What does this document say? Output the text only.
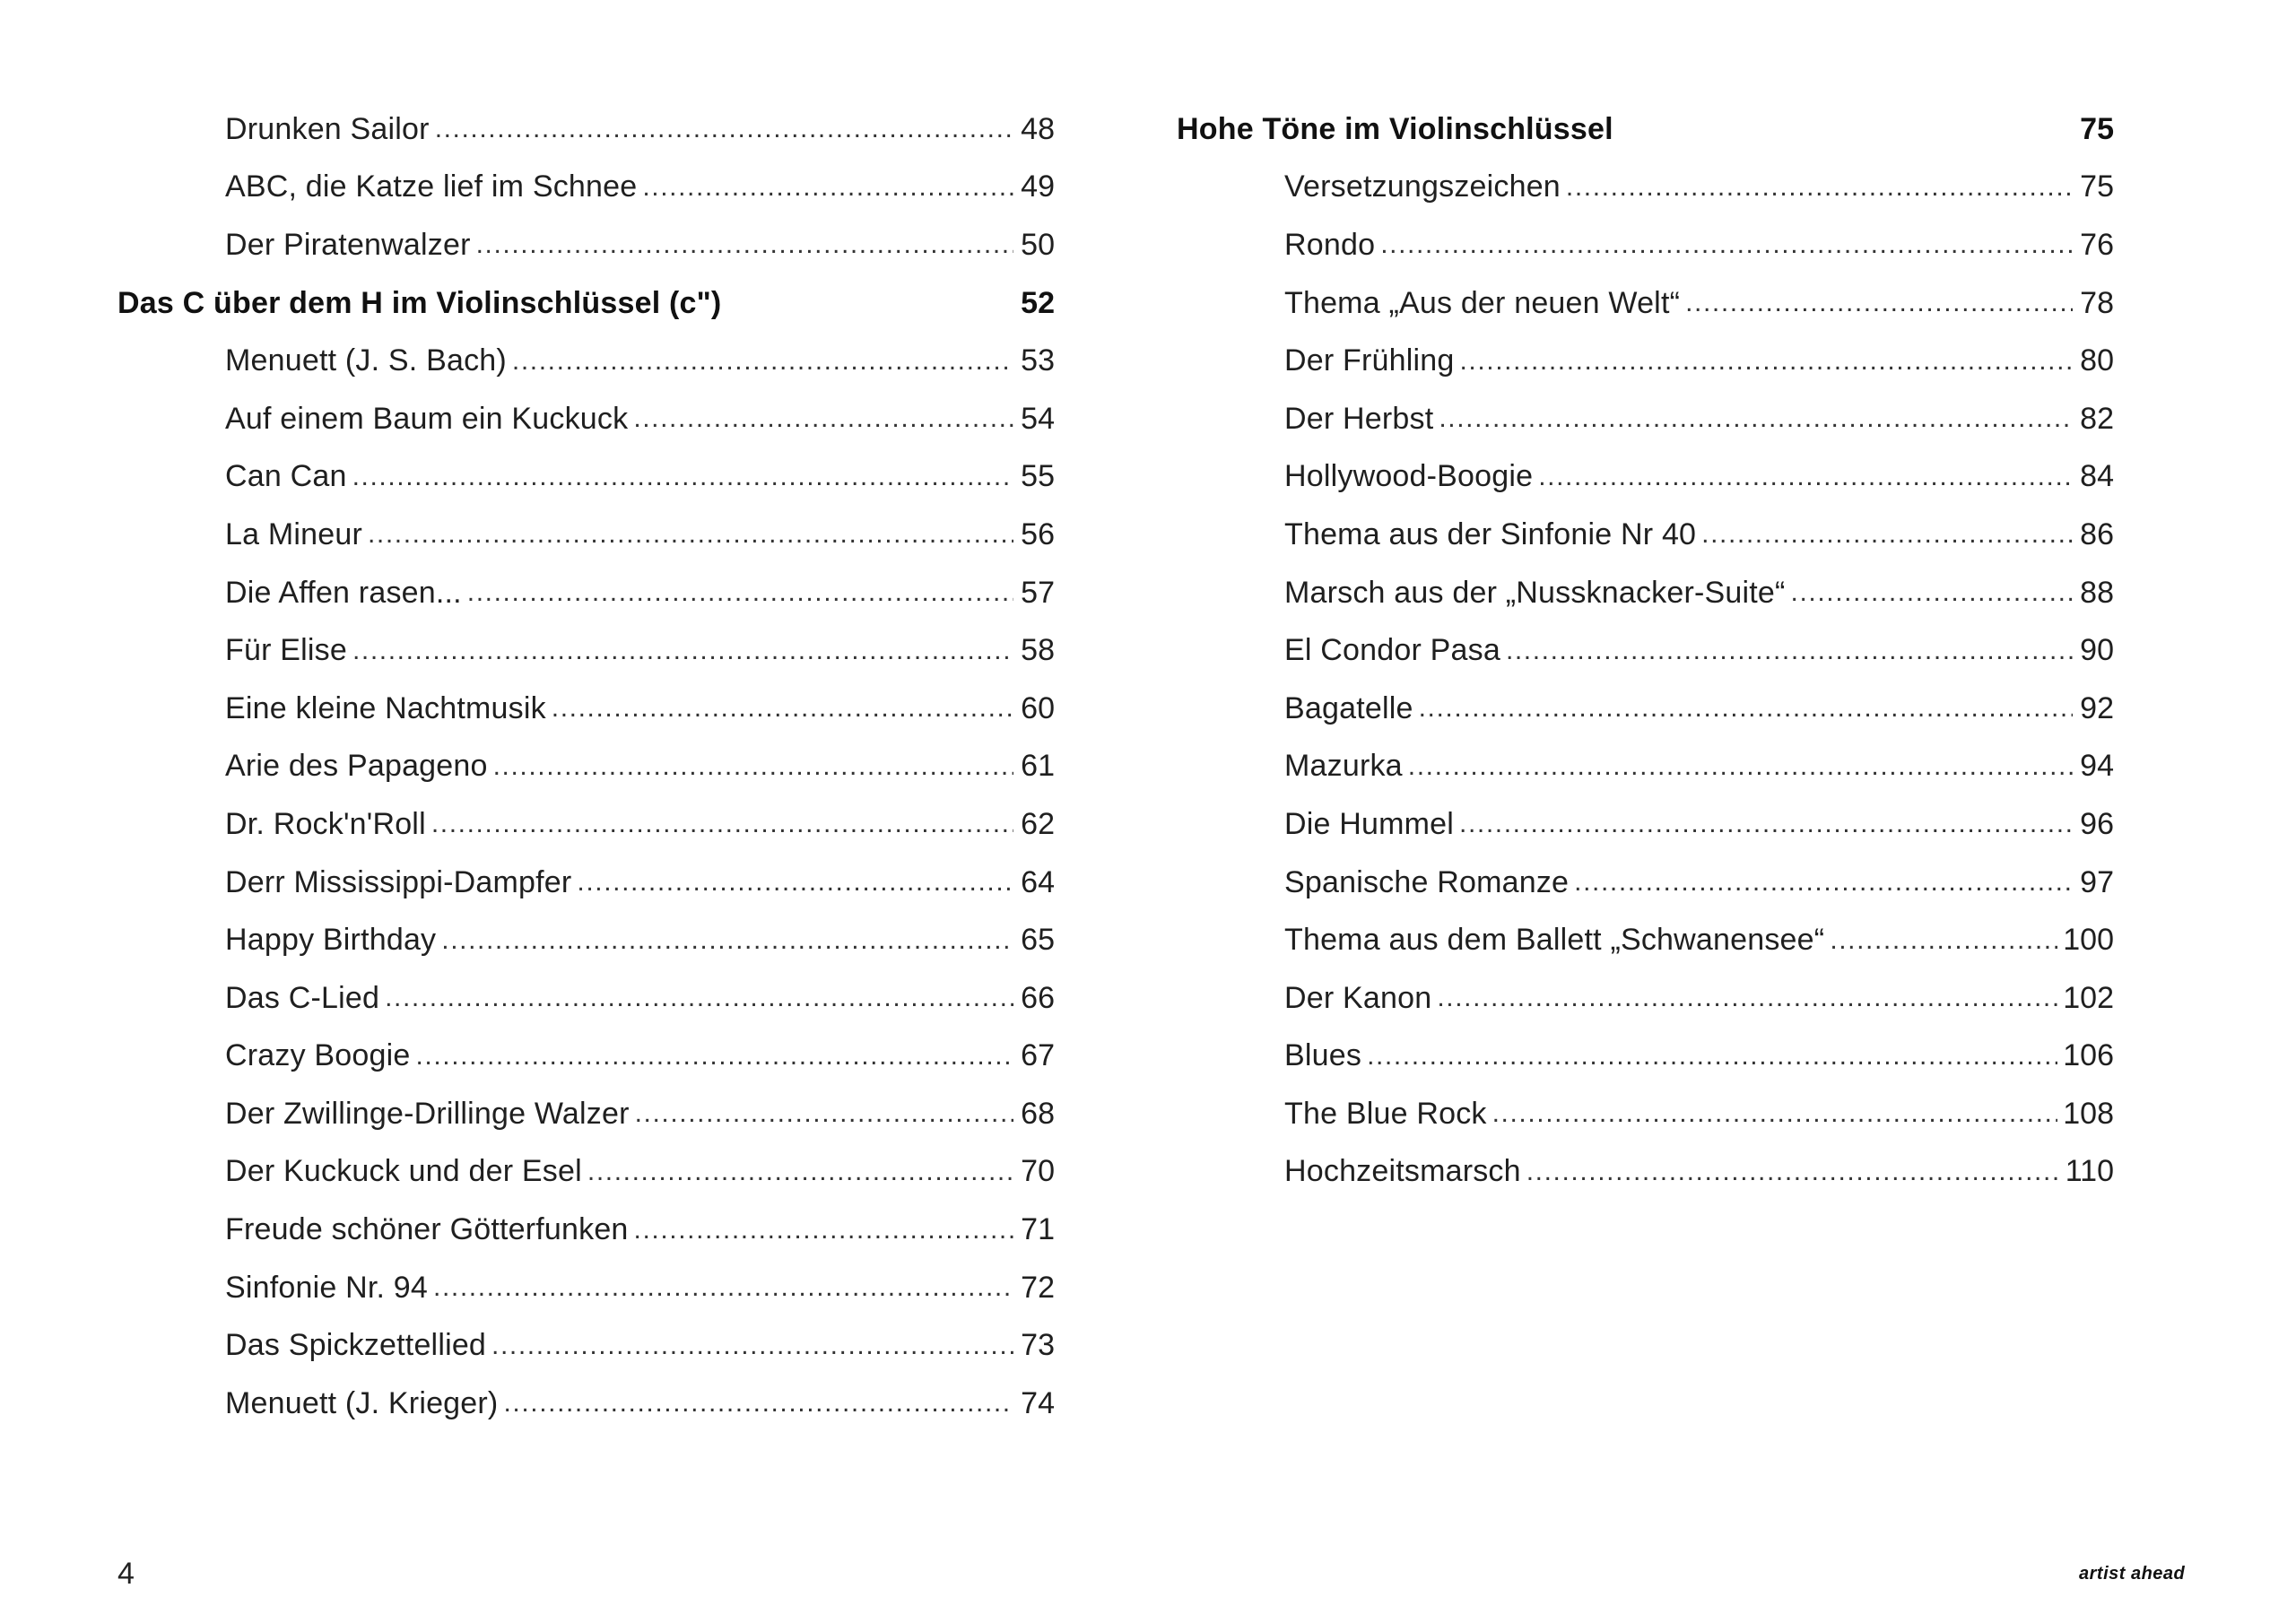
Drunken Sailor .....	48
ABC, die Katze lief im Schnee .....	49
Der Piratenwalzer .....	50
Das C über dem H im Violinschlüssel (c")	52
Menuett (J. S. Bach) .....	53
Auf einem Baum ein Kuckuck .....	54
Can Can .....	55
La Mineur .....	56
Die Affen rasen... .....	57
Für Elise .....	58
Eine kleine Nachtmusik .....	60
Arie des Papageno .....	61
Dr. Rock'n'Roll .....	62
Derr Mississippi-Dampfer .....	64
Happy Birthday .....	65
Das C-Lied .....	66
Crazy Boogie .....	67
Der Zwillinge-Drillinge Walzer .....	68
Der Kuckuck und der Esel .....	70
Freude schöner Götterfunken .....	71
Sinfonie Nr. 94 .....	72
Das Spickzettellied .....	73
Menuett (J. Krieger) .....	74
Hohe Töne im Violinschlüssel	75
Versetzungszeichen .....	75
Rondo .....	76
Thema „Aus der neuen Welt“ .....	78
Der Frühling .....	80
Der Herbst .....	82
Hollywood-Boogie .....	84
Thema aus der Sinfonie Nr 40 .....	86
Marsch aus der „Nussknacker-Suite“ .....	88
El Condor Pasa .....	90
Bagatelle .....	92
Mazurka .....	94
Die Hummel .....	96
Spanische Romanze .....	97
Thema aus dem Ballett „Schwanensee“ .....	100
Der Kanon .....	102
Blues .....	106
The Blue Rock .....	108
Hochzeitsmarsch .....	110
4	artist ahead
